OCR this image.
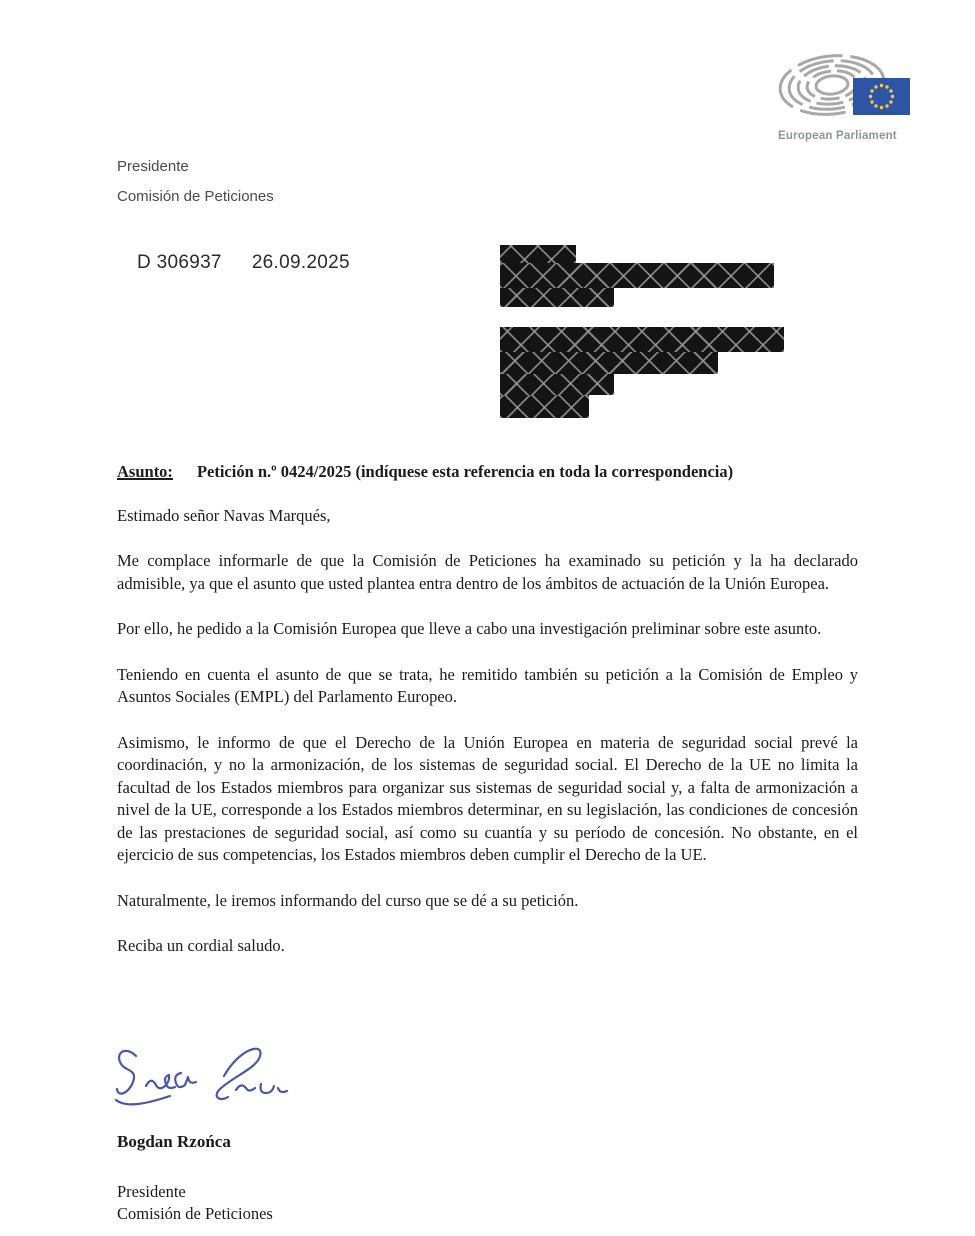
European Parliament
Presidente
Comisión de Peticiones
D 306937 26.09.2025
Asunto: Petición n.º 0424/2025 (indíquese esta referencia en toda la correspondencia)
Estimado señor Navas Marqués,

Me complace informarle de que la Comisión de Peticiones ha examinado su petición y la ha declarado admisible, ya que el asunto que usted plantea entra dentro de los ámbitos de actuación de la Unión Europea.

Por ello, he pedido a la Comisión Europea que lleve a cabo una investigación preliminar sobre este asunto.

Teniendo en cuenta el asunto de que se trata, he remitido también su petición a la Comisión de Empleo y Asuntos Sociales (EMPL) del Parlamento Europeo.

Asimismo, le informo de que el Derecho de la Unión Europea en materia de seguridad social prevé la coordinación, y no la armonización, de los sistemas de seguridad social. El Derecho de la UE no limita la facultad de los Estados miembros para organizar sus sistemas de seguridad social y, a falta de armonización a nivel de la UE, corresponde a los Estados miembros determinar, en su legislación, las condiciones de concesión de las prestaciones de seguridad social, así como su cuantía y su período de concesión. No obstante, en el ejercicio de sus competencias, los Estados miembros deben cumplir el Derecho de la UE.

Naturalmente, le iremos informando del curso que se dé a su petición.

Reciba un cordial saludo.

Bogdan Rzońca
Presidente
Comisión de Peticiones
